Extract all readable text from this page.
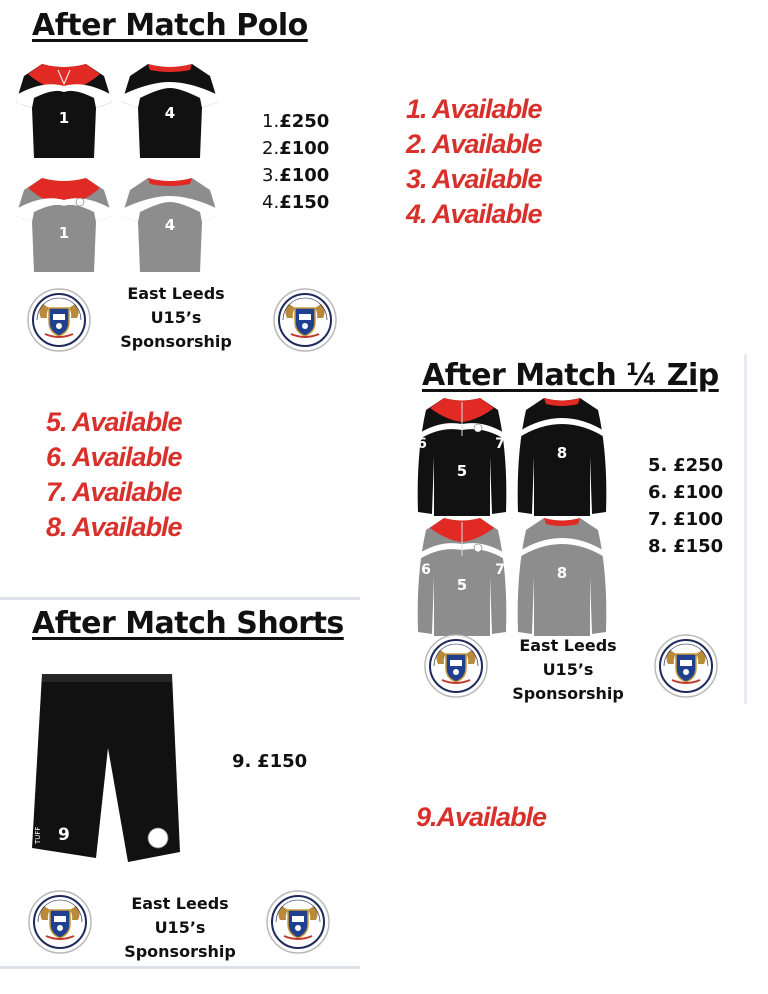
After Match Polo
1
2	3
4
1
2	3
4
1.£250
2.£100
3.£100
4.£150
1. Available
2. Available
3. Available
4. Available
East Leeds
U15’s
Sponsorship
After Match ¼ Zip
5
6	7	8
5
6	7	8
5. £250
6. £100
7. £100
8. £150
5. Available
6. Available
7. Available
8. Available
East Leeds
U15’s
Sponsorship
After Match Shorts
9
TUFF
9. £150
9.Available
East Leeds
U15’s
Sponsorship
